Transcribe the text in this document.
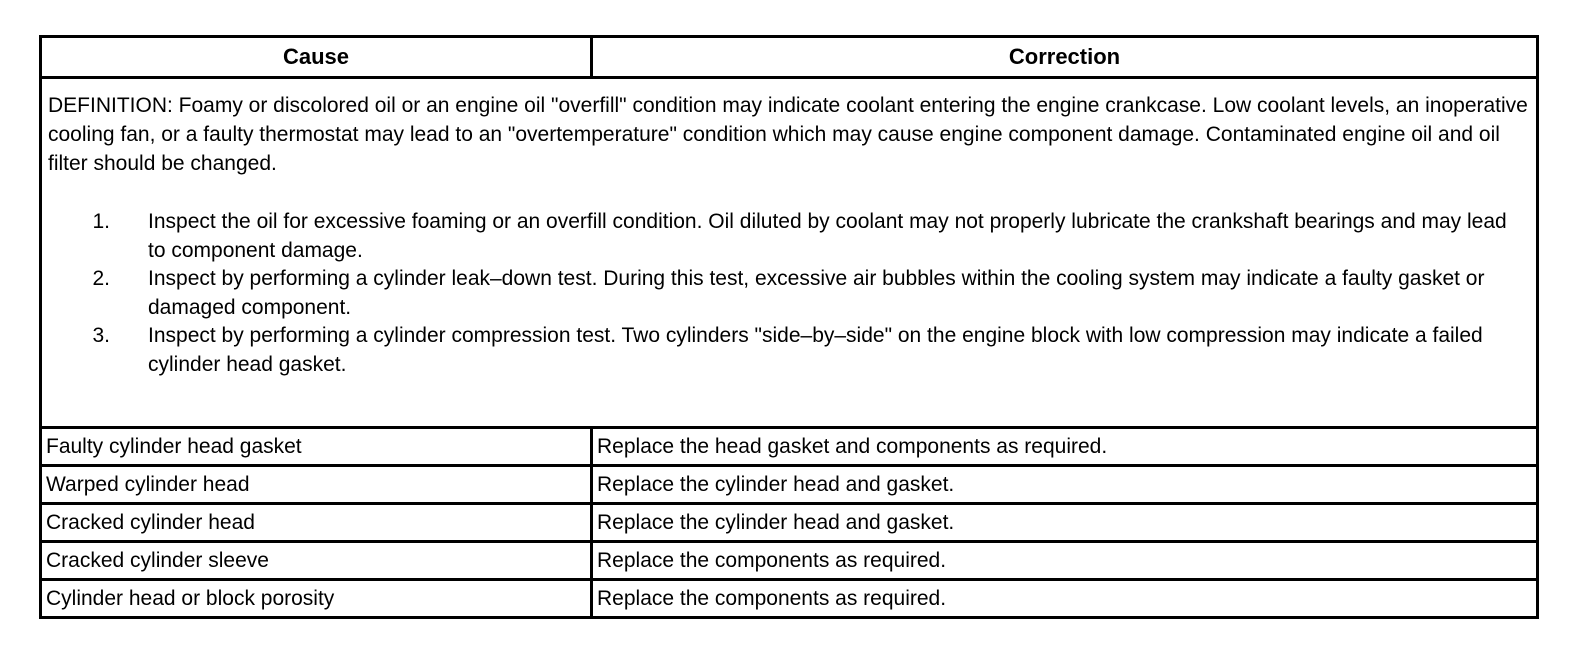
Cause	Correction

DEFINITION: Foamy or discolored oil or an engine oil "overfill" condition may indicate coolant entering the engine crankcase. Low coolant levels, an inoperative cooling fan, or a faulty thermostat may lead to an "overtemperature" condition which may cause engine component damage. Contaminated engine oil and oil filter should be changed.

1.	Inspect the oil for excessive foaming or an overfill condition. Oil diluted by coolant may not properly lubricate the crankshaft bearings and may lead to component damage.
2.	Inspect by performing a cylinder leak–down test. During this test, excessive air bubbles within the cooling system may indicate a faulty gasket or damaged component.
3.	Inspect by performing a cylinder compression test. Two cylinders "side–by–side" on the engine block with low compression may indicate a failed cylinder head gasket.
Faulty cylinder head gasket	Replace the head gasket and components as required.
Warped cylinder head	Replace the cylinder head and gasket.
Cracked cylinder head	Replace the cylinder head and gasket.
Cracked cylinder sleeve	Replace the components as required.
Cylinder head or block porosity	Replace the components as required.
